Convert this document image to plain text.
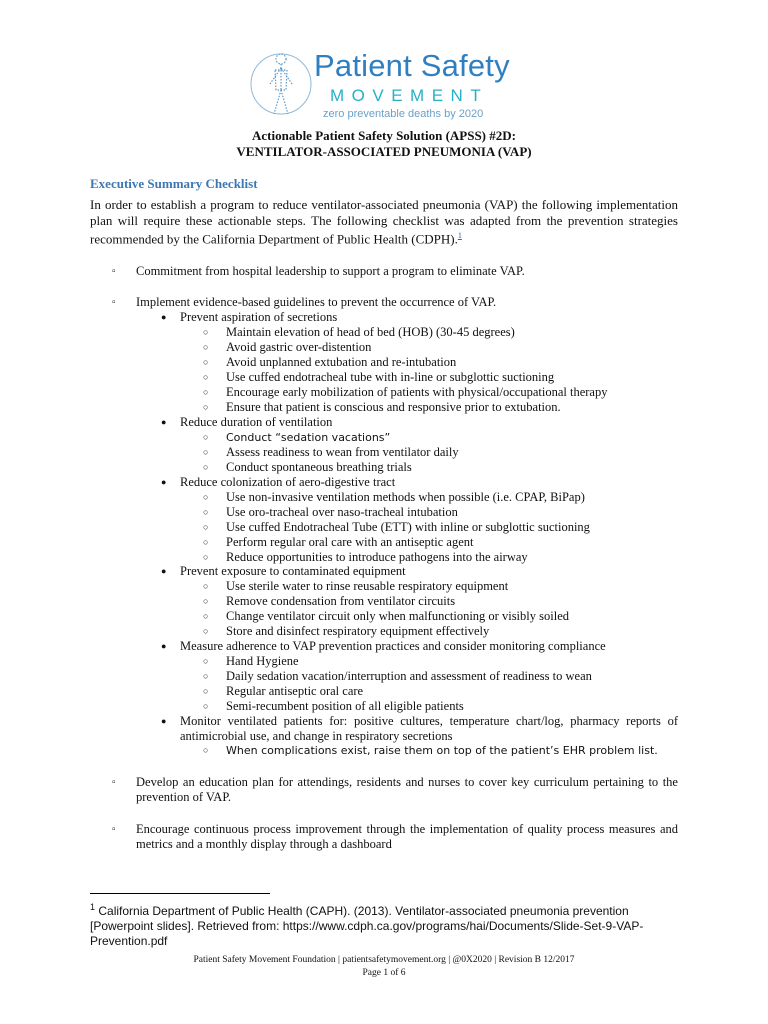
Patient Safety
MOVEMENT
zero preventable deaths by 2020
Actionable Patient Safety Solution (APSS) #2D:
VENTILATOR-ASSOCIATED PNEUMONIA (VAP)
Executive Summary Checklist

In order to establish a program to reduce ventilator-associated pneumonia (VAP) the following implementation plan will require these actionable steps. The following checklist was adapted from the prevention strategies recommended by the California Department of Public Health (CDPH).$^1$

▫ Commitment from hospital leadership to support a program to eliminate VAP.
▫ Implement evidence-based guidelines to prevent the occurrence of VAP.
● Prevent aspiration of secretions
○ Maintain elevation of head of bed (HOB) (30-45 degrees)
○ Avoid gastric over-distention
○ Avoid unplanned extubation and re-intubation
○ Use cuffed endotracheal tube with in-line or subglottic suctioning
○ Encourage early mobilization of patients with physical/occupational therapy
○ Ensure that patient is conscious and responsive prior to extubation.
● Reduce duration of ventilation
○ Conduct “sedation vacations”
○ Assess readiness to wean from ventilator daily
○ Conduct spontaneous breathing trials
● Reduce colonization of aero-digestive tract
○ Use non-invasive ventilation methods when possible (i.e. CPAP, BiPap)
○ Use oro-tracheal over naso-tracheal intubation
○ Use cuffed Endotracheal Tube (ETT) with inline or subglottic suctioning
○ Perform regular oral care with an antiseptic agent
○ Reduce opportunities to introduce pathogens into the airway
● Prevent exposure to contaminated equipment
○ Use sterile water to rinse reusable respiratory equipment
○ Remove condensation from ventilator circuits
○ Change ventilator circuit only when malfunctioning or visibly soiled
○ Store and disinfect respiratory equipment effectively
● Measure adherence to VAP prevention practices and consider monitoring compliance
○ Hand Hygiene
○ Daily sedation vacation/interruption and assessment of readiness to wean
○ Regular antiseptic oral care
○ Semi-recumbent position of all eligible patients
● Monitor ventilated patients for: positive cultures, temperature chart/log, pharmacy reports of antimicrobial use, and change in respiratory secretions
○ When complications exist, raise them on top of the patient’s EHR problem list.
▫ Develop an education plan for attendings, residents and nurses to cover key curriculum pertaining to the prevention of VAP.
▫ Encourage continuous process improvement through the implementation of quality process measures and metrics and a monthly display through a dashboard
$^1$ California Department of Public Health (CAPH). (2013). Ventilator-associated pneumonia prevention [Powerpoint slides]. Retrieved from: https://www.cdph.ca.gov/programs/hai/Documents/Slide-Set-9-VAP-Prevention.pdf
Patient Safety Movement Foundation | patientsafetymovement.org | @0X2020 | Revision B 12/2017
Page 1 of 6
